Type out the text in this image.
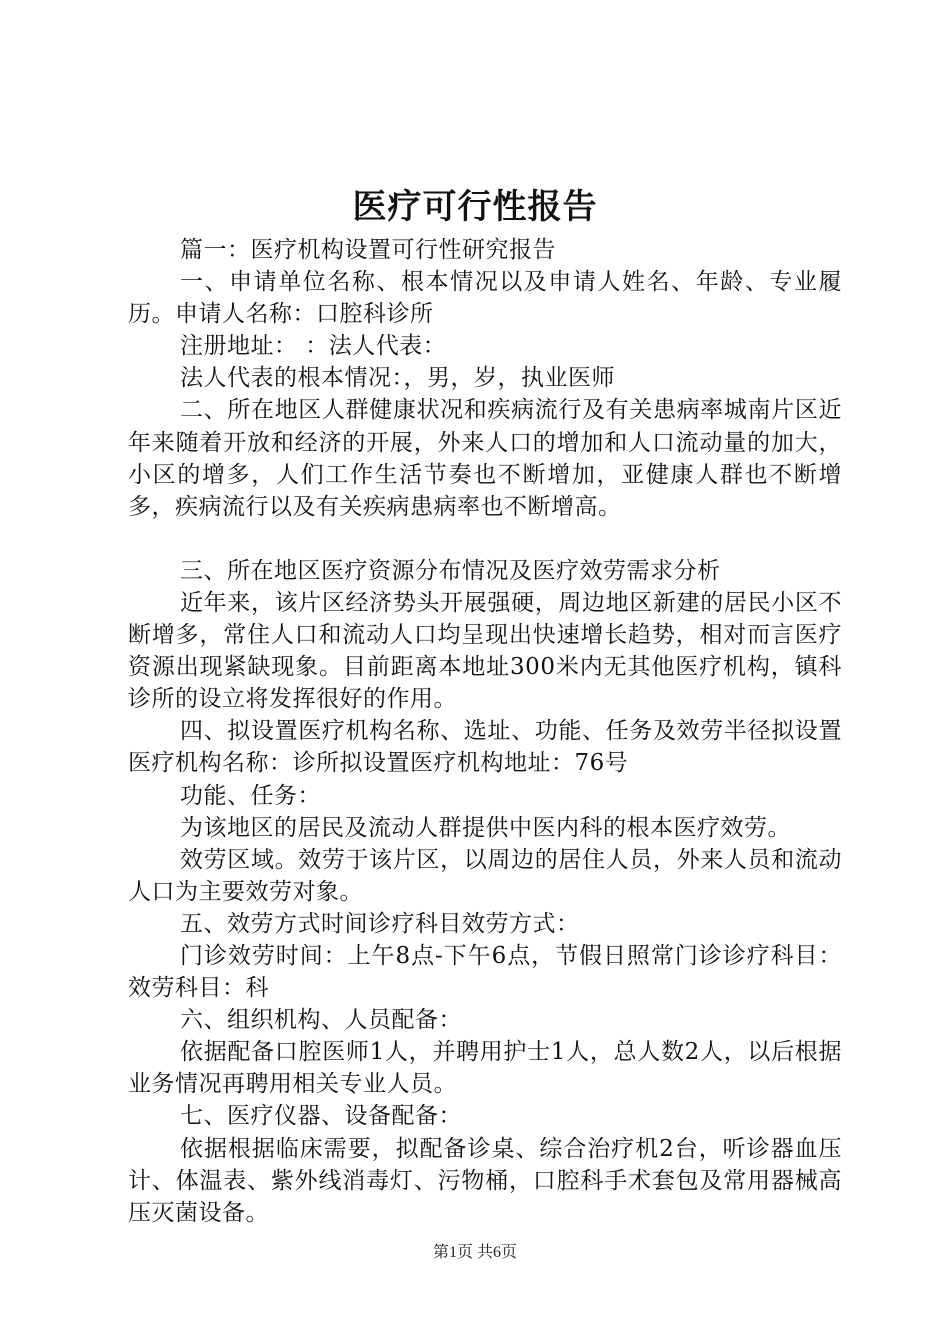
医疗可行性报告

篇一：医疗机构设置可行性研究报告

一、申请单位名称、根本情况以及申请人姓名、年龄、专业履历。申请人名称：口腔科诊所

注册地址： ：法人代表：

法人代表的根本情况：，男，岁，执业医师

二、所在地区人群健康状况和疾病流行及有关患病率城南片区近年来随着开放和经济的开展，外来人口的增加和人口流动量的加大，小区的增多，人们工作生活节奏也不断增加，亚健康人群也不断增多，疾病流行以及有关疾病患病率也不断增高。

三、所在地区医疗资源分布情况及医疗效劳需求分析

近年来，该片区经济势头开展强硬，周边地区新建的居民小区不断增多，常住人口和流动人口均呈现出快速增长趋势，相对而言医疗资源出现紧缺现象。目前距离本地址300米内无其他医疗机构，镇科诊所的设立将发挥很好的作用。

四、拟设置医疗机构名称、选址、功能、任务及效劳半径拟设置医疗机构名称：诊所拟设置医疗机构地址：76号

功能、任务：

为该地区的居民及流动人群提供中医内科的根本医疗效劳。

效劳区域。效劳于该片区，以周边的居住人员，外来人员和流动人口为主要效劳对象。

五、效劳方式时间诊疗科目效劳方式：

门诊效劳时间：上午8点-下午6点，节假日照常门诊诊疗科目：效劳科目：科

六、组织机构、人员配备：

依据配备口腔医师1人，并聘用护士1人，总人数2人，以后根据业务情况再聘用相关专业人员。

七、医疗仪器、设备配备：

依据根据临床需要，拟配备诊桌、综合治疗机2台，听诊器血压计、体温表、紫外线消毒灯、污物桶，口腔科手术套包及常用器械高压灭菌设备。

第1页 共6页
